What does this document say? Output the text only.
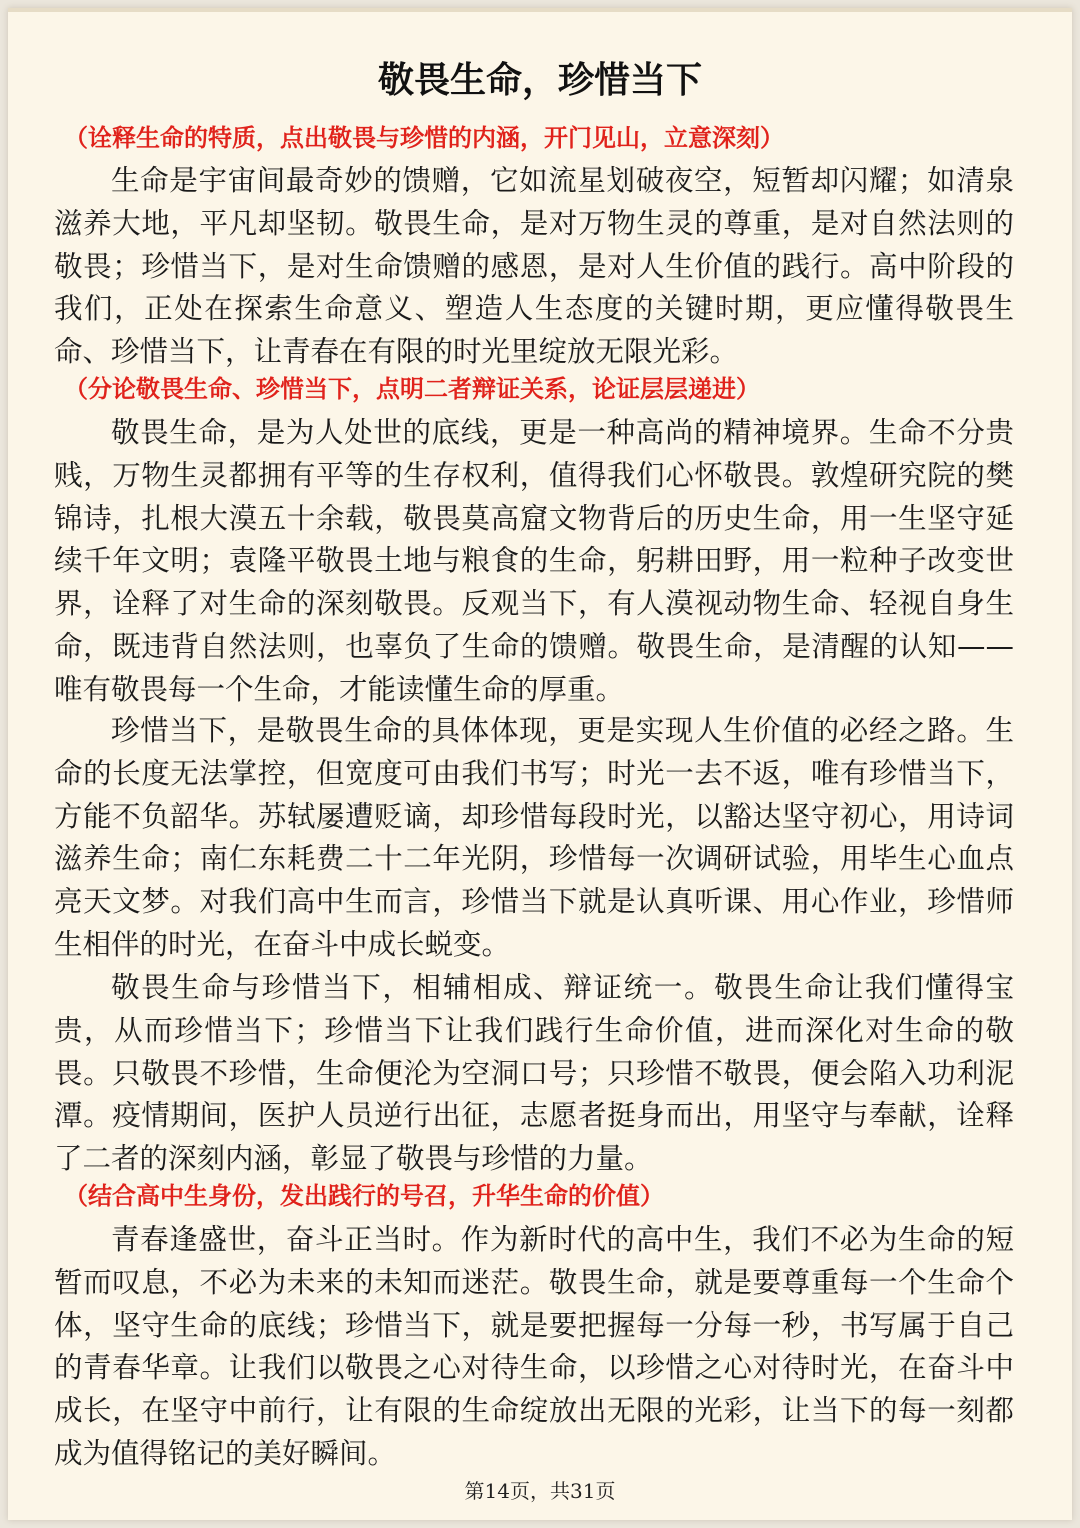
敬畏生命，珍惜当下

（诠释生命的特质，点出敬畏与珍惜的内涵，开门见山，立意深刻）

生命是宇宙间最奇妙的馈赠，它如流星划破夜空，短暂却闪耀；如清泉滋养大地，平凡却坚韧。敬畏生命，是对万物生灵的尊重，是对自然法则的敬畏；珍惜当下，是对生命馈赠的感恩，是对人生价值的践行。高中阶段的我们，正处在探索生命意义、塑造人生态度的关键时期，更应懂得敬畏生命、珍惜当下，让青春在有限的时光里绽放无限光彩。

（分论敬畏生命、珍惜当下，点明二者辩证关系，论证层层递进）

敬畏生命，是为人处世的底线，更是一种高尚的精神境界。生命不分贵贱，万物生灵都拥有平等的生存权利，值得我们心怀敬畏。敦煌研究院的樊锦诗，扎根大漠五十余载，敬畏莫高窟文物背后的历史生命，用一生坚守延续千年文明；袁隆平敬畏土地与粮食的生命，躬耕田野，用一粒种子改变世界，诠释了对生命的深刻敬畏。反观当下，有人漠视动物生命、轻视自身生命，既违背自然法则，也辜负了生命的馈赠。敬畏生命，是清醒的认知——唯有敬畏每一个生命，才能读懂生命的厚重。

珍惜当下，是敬畏生命的具体体现，更是实现人生价值的必经之路。生命的长度无法掌控，但宽度可由我们书写；时光一去不返，唯有珍惜当下，方能不负韶华。苏轼屡遭贬谪，却珍惜每段时光，以豁达坚守初心，用诗词滋养生命；南仁东耗费二十二年光阴，珍惜每一次调研试验，用毕生心血点亮天文梦。对我们高中生而言，珍惜当下就是认真听课、用心作业，珍惜师生相伴的时光，在奋斗中成长蜕变。

敬畏生命与珍惜当下，相辅相成、辩证统一。敬畏生命让我们懂得宝贵，从而珍惜当下；珍惜当下让我们践行生命价值，进而深化对生命的敬畏。只敬畏不珍惜，生命便沦为空洞口号；只珍惜不敬畏，便会陷入功利泥潭。疫情期间，医护人员逆行出征，志愿者挺身而出，用坚守与奉献，诠释了二者的深刻内涵，彰显了敬畏与珍惜的力量。

（结合高中生身份，发出践行的号召，升华生命的价值）

青春逢盛世，奋斗正当时。作为新时代的高中生，我们不必为生命的短暂而叹息，不必为未来的未知而迷茫。敬畏生命，就是要尊重每一个生命个体，坚守生命的底线；珍惜当下，就是要把握每一分每一秒，书写属于自己的青春华章。让我们以敬畏之心对待生命，以珍惜之心对待时光，在奋斗中成长，在坚守中前行，让有限的生命绽放出无限的光彩，让当下的每一刻都成为值得铭记的美好瞬间。

第14页，共31页
